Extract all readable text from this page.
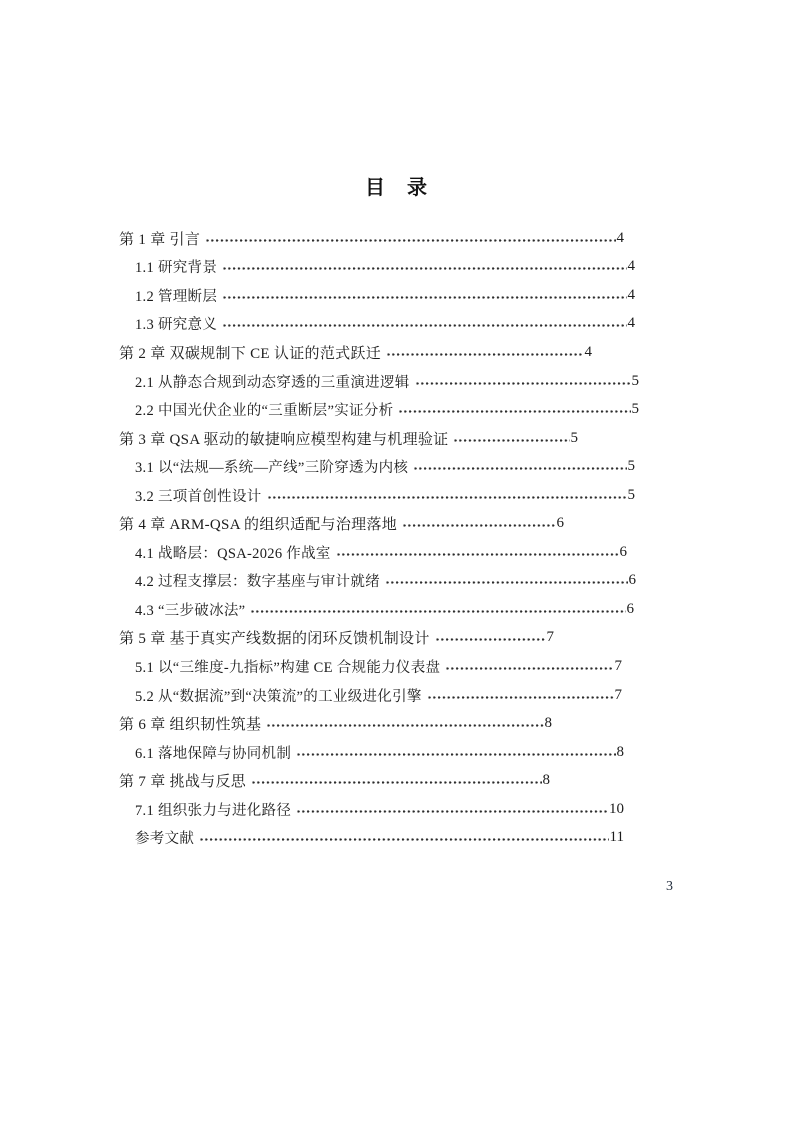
目　录
第 1 章 引言	4
1.1 研究背景	4
1.2 管理断层	4
1.3 研究意义	4
第 2 章 双碳规制下 CE 认证的范式跃迁	4
2.1 从静态合规到动态穿透的三重演进逻辑	5
2.2 中国光伏企业的“三重断层”实证分析	5
第 3 章 QSA 驱动的敏捷响应模型构建与机理验证	5
3.1 以“法规—系统—产线”三阶穿透为内核	5
3.2 三项首创性设计	5
第 4 章 ARM-QSA 的组织适配与治理落地	6
4.1 战略层：QSA-2026 作战室	6
4.2 过程支撑层：数字基座与审计就绪	6
4.3 “三步破冰法”	6
第 5 章 基于真实产线数据的闭环反馈机制设计	7
5.1 以“三维度-九指标”构建 CE 合规能力仪表盘	7
5.2 从“数据流”到“决策流”的工业级进化引擎	7
第 6 章 组织韧性筑基	8
6.1 落地保障与协同机制	8
第 7 章 挑战与反思	8
7.1 组织张力与进化路径	10
参考文献	11
3
